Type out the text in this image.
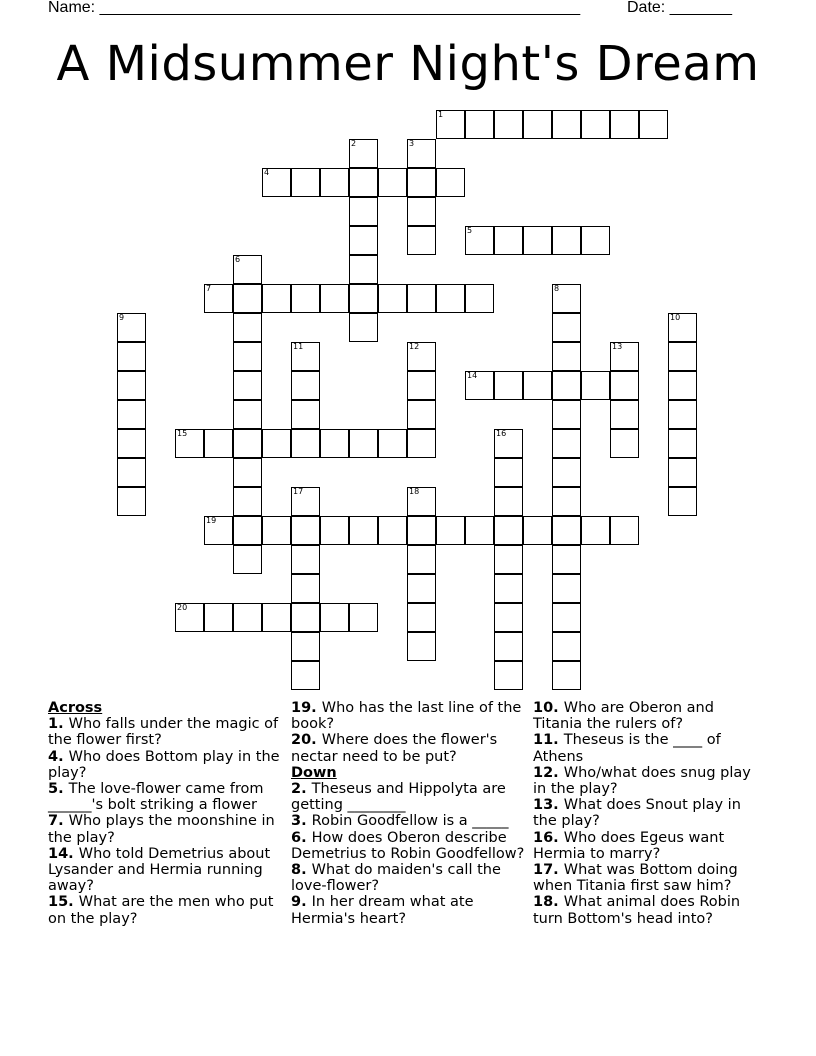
Name: ______________________________________________________	Date: _______
A Midsummer Night's Dream
1
2	3
4
5
6
7	8
9	10
11	12	13
14
15	16
17	18
19
20
Across
1. Who falls under the magic of the flower first?
4. Who does Bottom play in the play?
5. The love-flower came from ______'s bolt striking a flower
7. Who plays the moonshine in the play?
14. Who told Demetrius about Lysander and Hermia running away?
15. What are the men who put on the play?
19. Who has the last line of the book?
20. Where does the flower's nectar need to be put?
Down
2. Theseus and Hippolyta are getting ________
3. Robin Goodfellow is a _____
6. How does Oberon describe Demetrius to Robin Goodfellow?
8. What do maiden's call the love-flower?
9. In her dream what ate Hermia's heart?
10. Who are Oberon and Titania the rulers of?
11. Theseus is the ____ of Athens
12. Who/what does snug play in the play?
13. What does Snout play in the play?
16. Who does Egeus want Hermia to marry?
17. What was Bottom doing when Titania first saw him?
18. What animal does Robin turn Bottom's head into?
